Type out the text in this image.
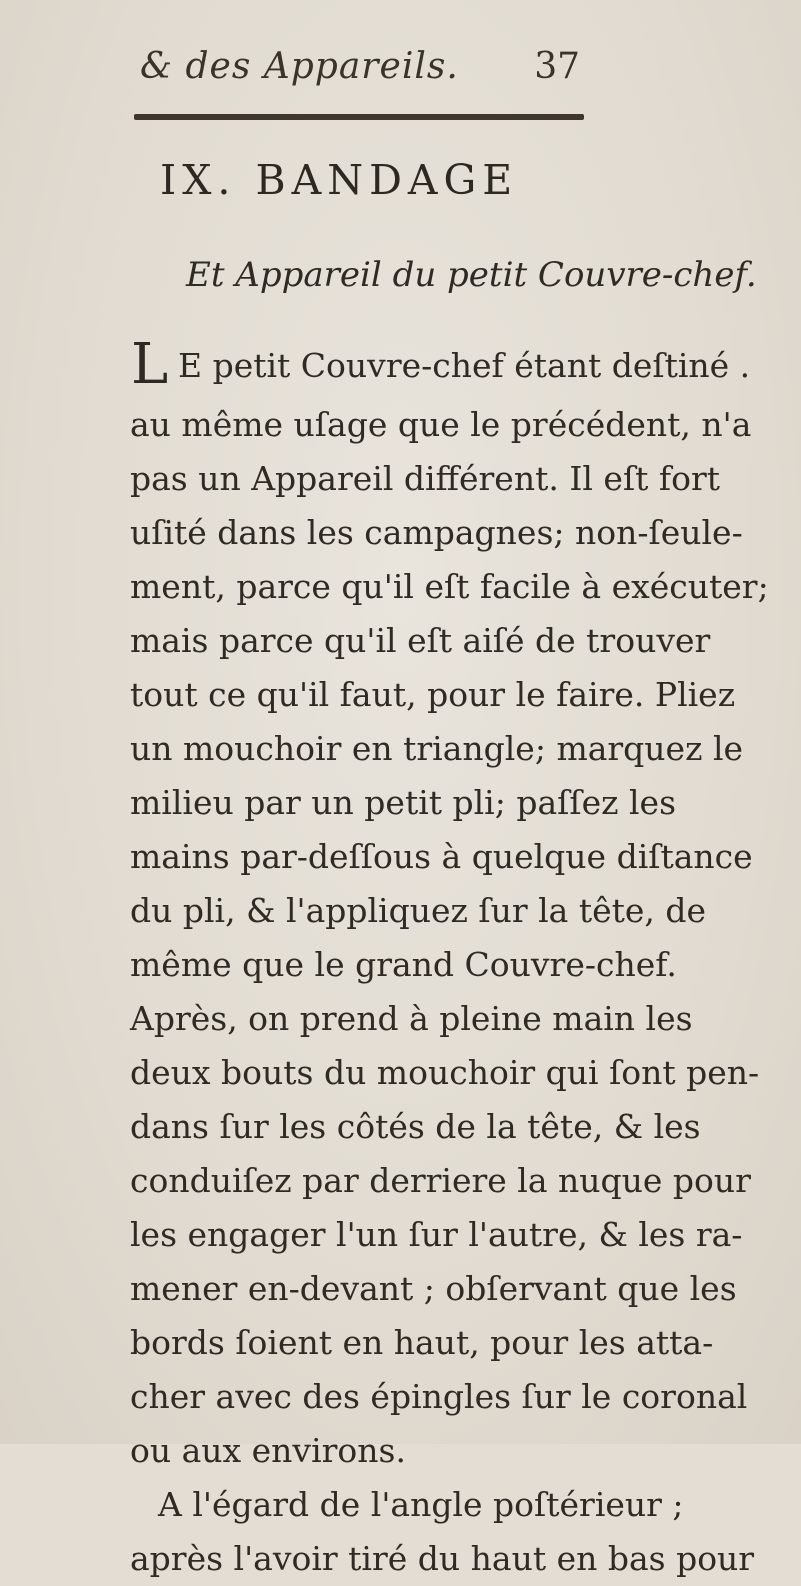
& des Appareils. 37
IX. BANDAGE
Et Appareil du petit Couvre-chef.
L E petit Couvre-chef étant deſtiné .
au même uſage que le précédent, n'a
pas un Appareil différent. Il eſt fort
uſité dans les campagnes; non-ſeule-
ment, parce qu'il eſt facile à exécuter;
mais parce qu'il eſt aiſé de trouver
tout ce qu'il faut, pour le faire. Pliez
un mouchoir en triangle; marquez le
milieu par un petit pli; paſſez les
mains par-deſſous à quelque diſtance
du pli, & l'appliquez ſur la tête, de
même que le grand Couvre-chef.
Après, on prend à pleine main les
deux bouts du mouchoir qui ſont pen-
dans ſur les côtés de la tête, & les
conduiſez par derriere la nuque pour
les engager l'un ſur l'autre, & les ra-
mener en-devant ; obſervant que les
bords ſoient en haut, pour les atta-
cher avec des épingles ſur le coronal
ou aux environs.
A l'égard de l'angle poſtérieur ;
après l'avoir tiré du haut en bas pour
